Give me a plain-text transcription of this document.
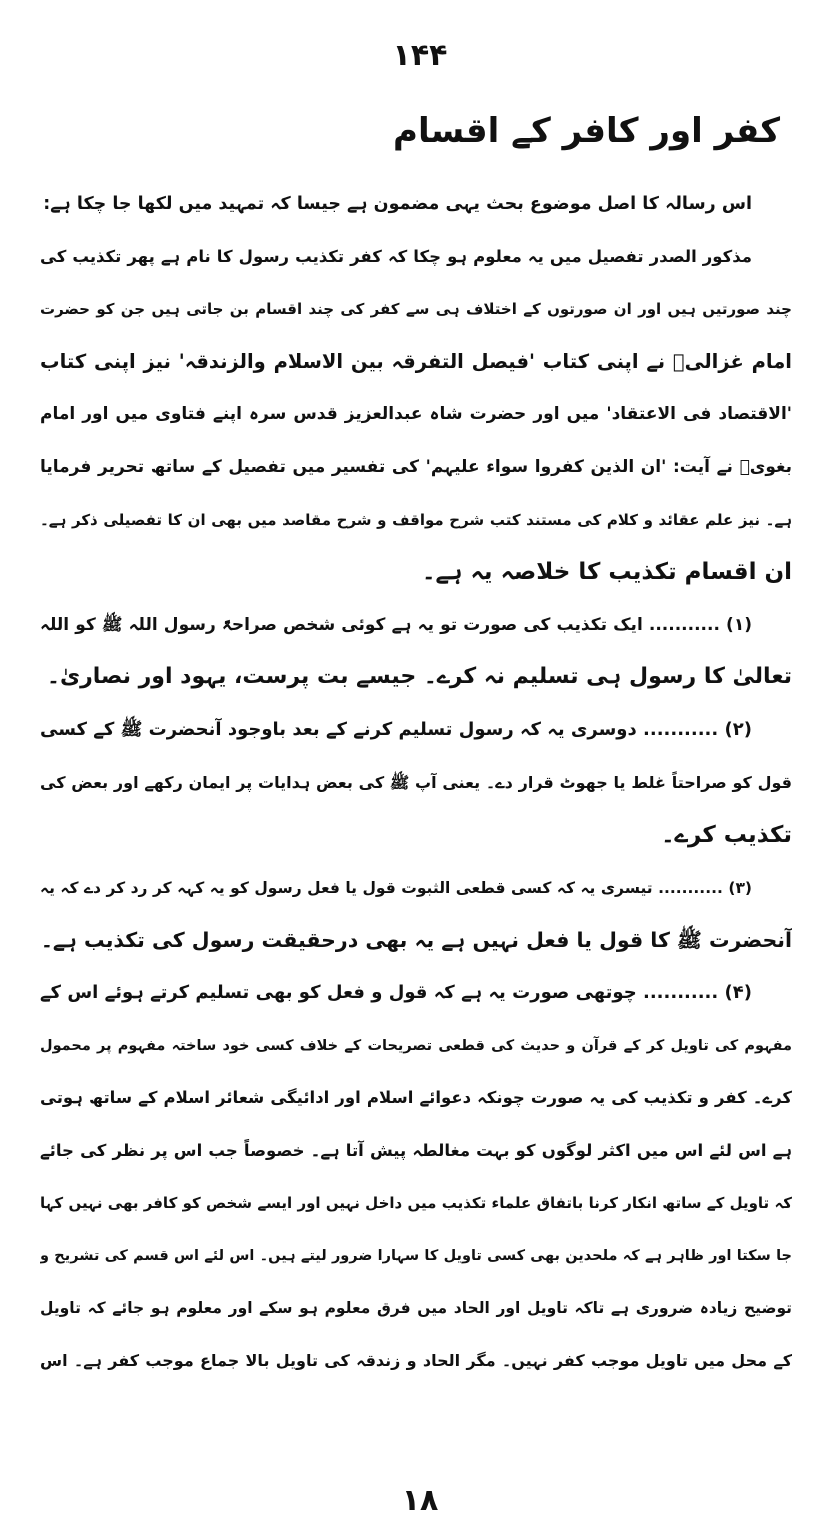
۱۴۴
کفر اور کافر کے اقسام
اس رسالہ کا اصل موضوع بحث یہی مضمون ہے جیسا کہ تمہید میں لکھا جا چکا ہے:
مذکور الصدر تفصیل میں یہ معلوم ہو چکا کہ کفر تکذیب رسول کا نام ہے پھر تکذیب کی
چند صورتیں ہیں اور ان صورتوں کے اختلاف ہی سے کفر کی چند اقسام بن جاتی ہیں جن کو حضرت
امام غزالیؒ نے اپنی کتاب 'فیصل التفرقہ بین الاسلام والزندقہ' نیز اپنی کتاب
'الاقتصاد فی الاعتقاد' میں اور حضرت شاہ عبدالعزیز قدس سرہ اپنے فتاوی میں اور امام
بغویؒ نے آیت: 'ان الذین کفروا سواء علیہم' کی تفسیر میں تفصیل کے ساتھ تحریر فرمایا
ہے۔ نیز علم عقائد و کلام کی مستند کتب شرح مواقف و شرح مقاصد میں بھی ان کا تفصیلی ذکر ہے۔
ان اقسام تکذیب کا خلاصہ یہ ہے۔
(۱) ........... ایک تکذیب کی صورت تو یہ ہے کوئی شخص صراحۃً رسول اللہ ﷺ کو اللہ
تعالیٰ کا رسول ہی تسلیم نہ کرے۔ جیسے بت پرست، یہود اور نصاریٰ۔
(۲) ........... دوسری یہ کہ رسول تسلیم کرنے کے بعد باوجود آنحضرت ﷺ کے کسی
قول کو صراحتاً غلط یا جھوٹ قرار دے۔ یعنی آپ ﷺ کی بعض ہدایات پر ایمان رکھے اور بعض کی
تکذیب کرے۔
(۳) ........... تیسری یہ کہ کسی قطعی الثبوت قول یا فعل رسول کو یہ کہہ کر رد کر دے کہ یہ
آنحضرت ﷺ کا قول یا فعل نہیں ہے یہ بھی درحقیقت رسول کی تکذیب ہے۔
(۴) ........... چوتھی صورت یہ ہے کہ قول و فعل کو بھی تسلیم کرتے ہوئے اس کے
مفہوم کی تاویل کر کے قرآن و حدیث کی قطعی تصریحات کے خلاف کسی خود ساختہ مفہوم پر محمول
کرے۔ کفر و تکذیب کی یہ صورت چونکہ دعوائے اسلام اور ادائیگی شعائر اسلام کے ساتھ ہوتی
ہے اس لئے اس میں اکثر لوگوں کو بہت مغالطہ پیش آتا ہے۔ خصوصاً جب اس پر نظر کی جائے
کہ تاویل کے ساتھ انکار کرنا باتفاق علماء تکذیب میں داخل نہیں اور ایسے شخص کو کافر بھی نہیں کہا
جا سکتا اور ظاہر ہے کہ ملحدین بھی کسی تاویل کا سہارا ضرور لیتے ہیں۔ اس لئے اس قسم کی تشریح و
توضیح زیادہ ضروری ہے تاکہ تاویل اور الحاد میں فرق معلوم ہو سکے اور معلوم ہو جائے کہ تاویل
کے محل میں تاویل موجب کفر نہیں۔ مگر الحاد و زندقہ کی تاویل بالا جماع موجب کفر ہے۔ اس
۱۸
